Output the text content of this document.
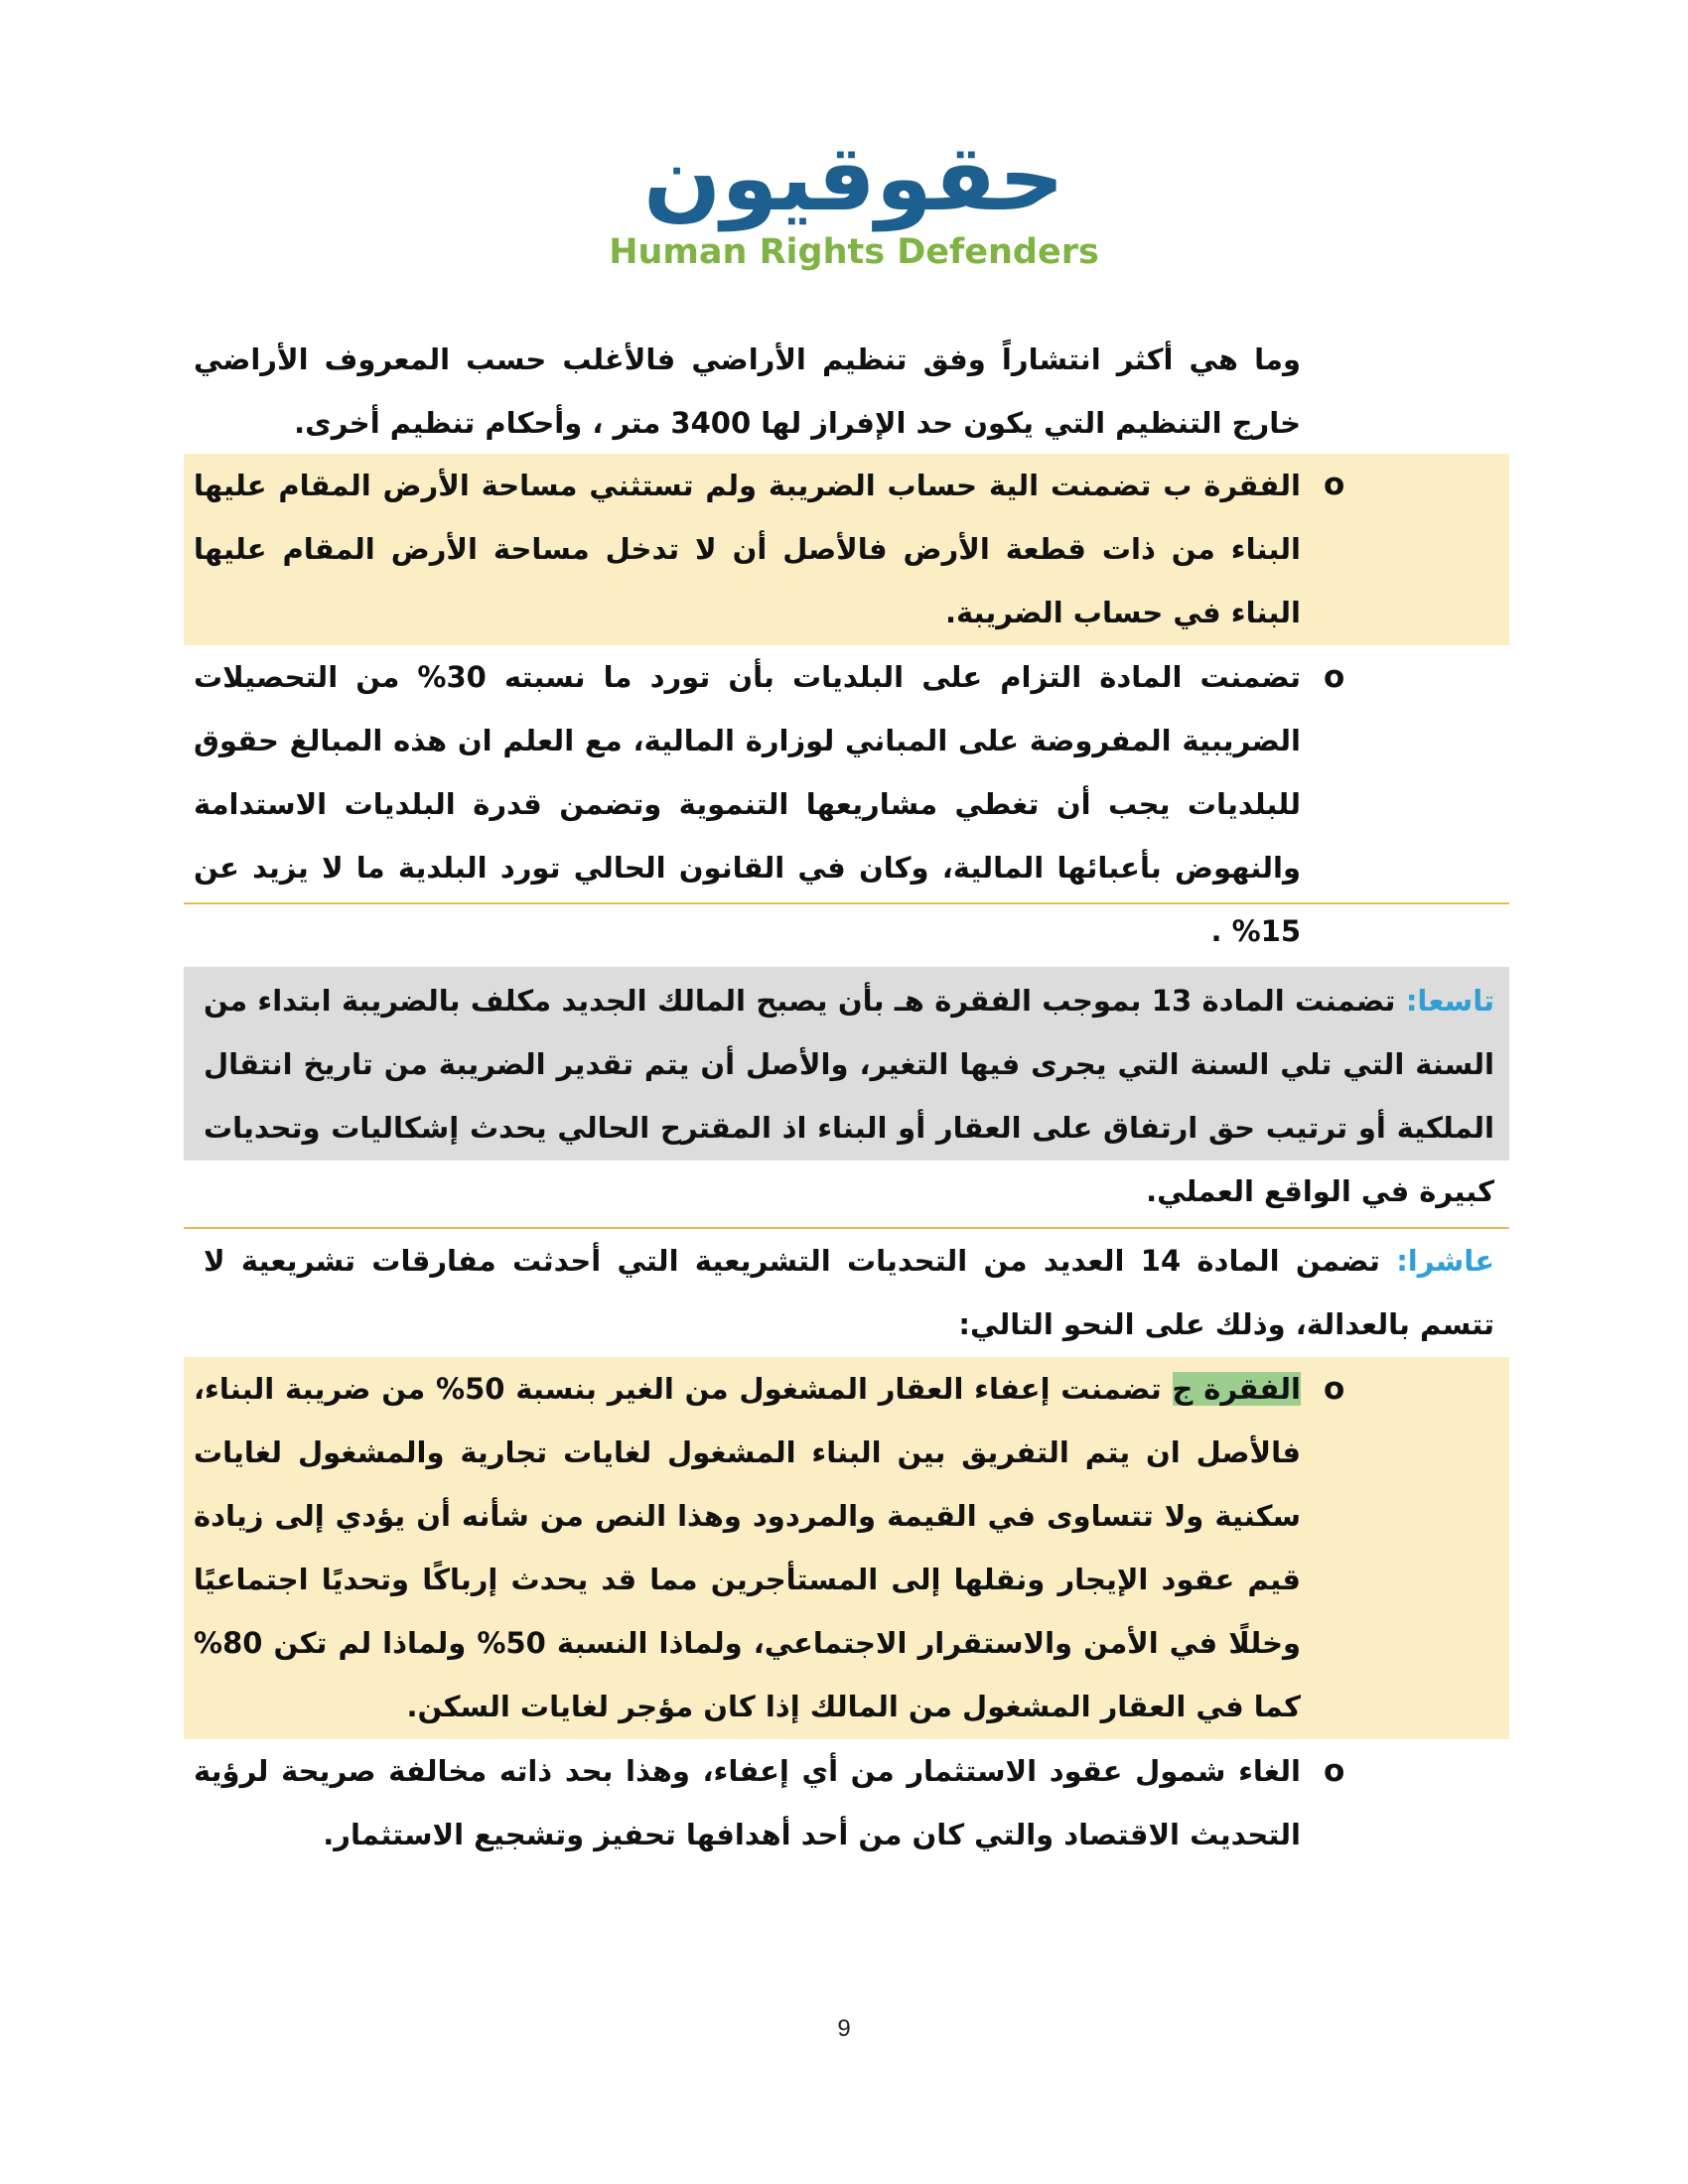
حقوقيون
Human Rights Defenders

وما هي أكثر انتشاراً وفق تنظيم الأراضي فالأغلب حسب المعروف الأراضي خارج التنظيم التي يكون حد الإفراز لها 3400 متر ، وأحكام تنظيم أخرى.

o

الفقرة ب تضمنت الية حساب الضريبة ولم تستثني مساحة الأرض المقام عليها البناء من ذات قطعة الأرض فالأصل أن لا تدخل مساحة الأرض المقام عليها البناء في حساب الضريبة.

o

تضمنت المادة التزام على البلديات بأن تورد ما نسبته 30% من التحصيلات الضريبية المفروضة على المباني لوزارة المالية، مع العلم ان هذه المبالغ حقوق للبلديات يجب أن تغطي مشاريعها التنموية وتضمن قدرة البلديات الاستدامة والنهوض بأعبائها المالية، وكان في القانون الحالي تورد البلدية ما لا يزيد عن 15% .

تاسعا: تضمنت المادة 13 بموجب الفقرة هـ بأن يصبح المالك الجديد مكلف بالضريبة ابتداء من السنة التي تلي السنة التي يجرى فيها التغير، والأصل أن يتم تقدير الضريبة من تاريخ انتقال الملكية أو ترتيب حق ارتفاق على العقار أو البناء اذ المقترح الحالي يحدث إشكاليات وتحديات كبيرة في الواقع العملي.

عاشرا: تضمن المادة 14 العديد من التحديات التشريعية التي أحدثت مفارقات تشريعية لا تتسم بالعدالة، وذلك على النحو التالي:

o

الفقرة ج تضمنت إعفاء العقار المشغول من الغير بنسبة 50% من ضريبة البناء، فالأصل ان يتم التفريق بين البناء المشغول لغايات تجارية والمشغول لغايات سكنية ولا تتساوى في القيمة والمردود وهذا النص من شأنه أن يؤدي إلى زيادة قيم عقود الإيجار ونقلها إلى المستأجرين مما قد يحدث إرباكًا وتحديًا اجتماعيًا وخللًا في الأمن والاستقرار الاجتماعي، ولماذا النسبة 50% ولماذا لم تكن 80% كما في العقار المشغول من المالك إذا كان مؤجر لغايات السكن.

o

الغاء شمول عقود الاستثمار من أي إعفاء، وهذا بحد ذاته مخالفة صريحة لرؤية التحديث الاقتصاد والتي كان من أحد أهدافها تحفيز وتشجيع الاستثمار.

9
